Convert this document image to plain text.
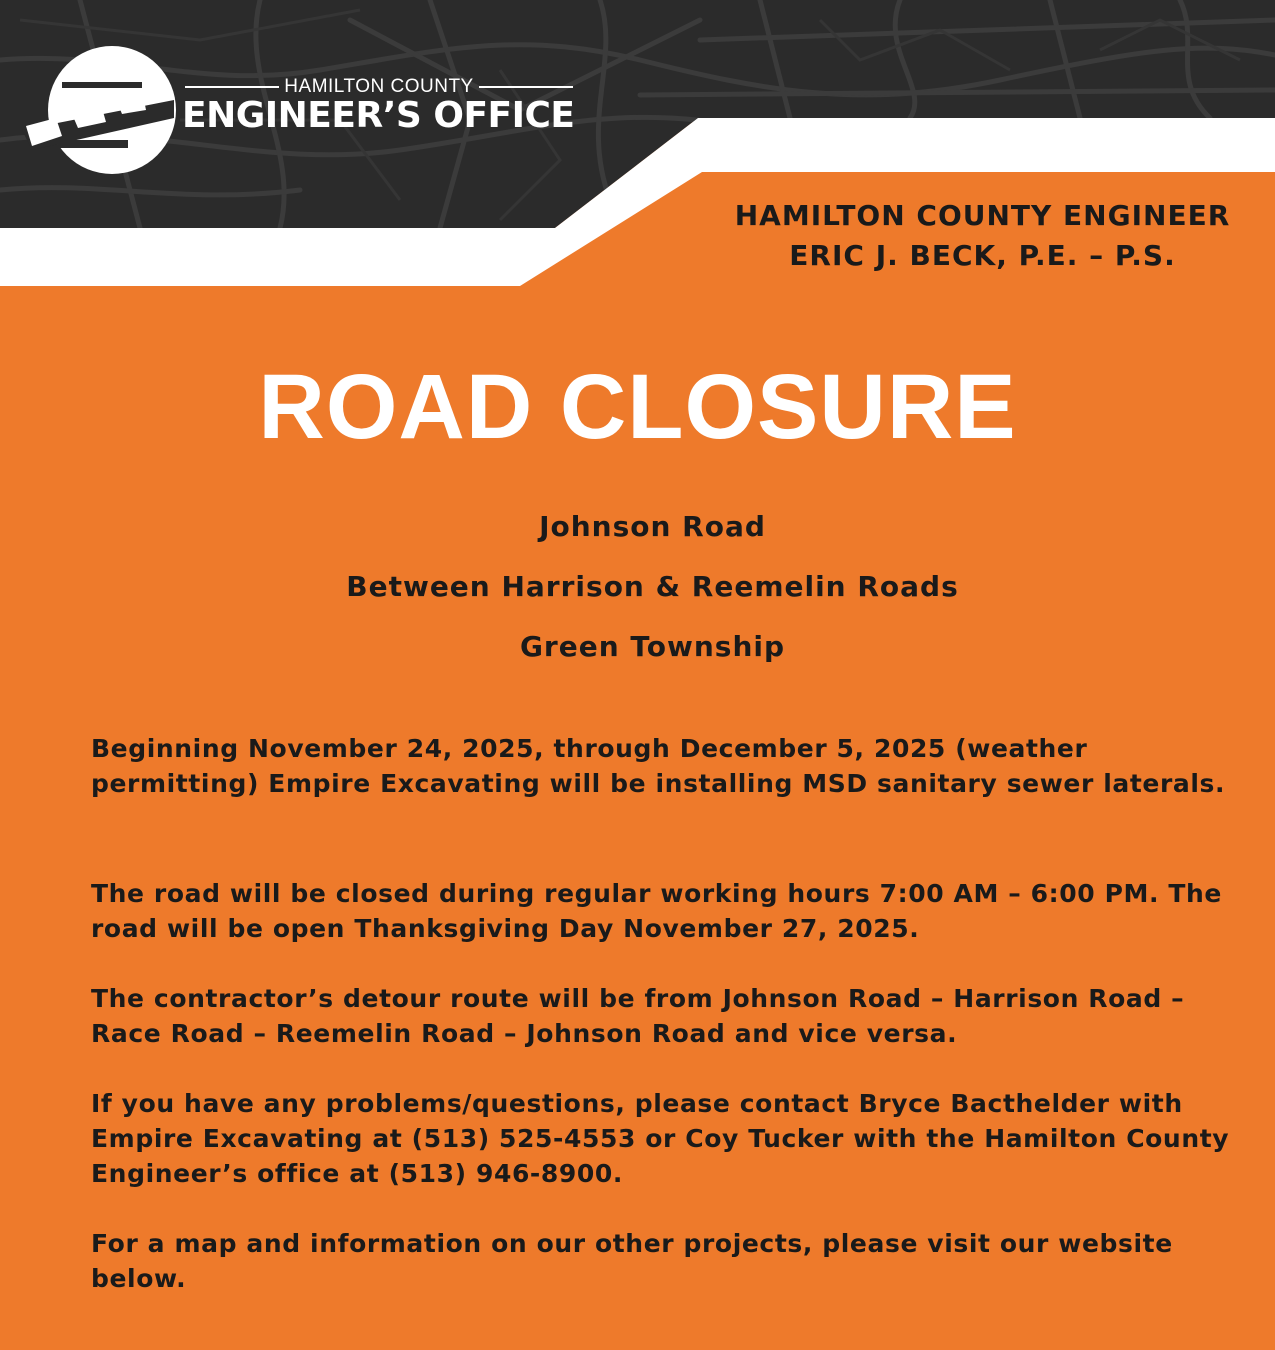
HAMILTON COUNTY
ENGINEER’S OFFICE
HAMILTON COUNTY ENGINEER
ERIC J. BECK, P.E. – P.S.
ROAD CLOSURE
Johnson Road
Between Harrison & Reemelin Roads
Green Township

Beginning November 24, 2025, through December 5, 2025 (weather permitting) Empire Excavating will be installing MSD sanitary sewer laterals.

The road will be closed during regular working hours 7:00 AM – 6:00 PM. The road will be open Thanksgiving Day November 27, 2025.

The contractor’s detour route will be from Johnson Road – Harrison Road – Race Road – Reemelin Road – Johnson Road and vice versa.

If you have any problems/questions, please contact Bryce Bacthelder with Empire Excavating at (513) 525-4553 or Coy Tucker with the Hamilton County Engineer’s office at (513) 946-8900.

For a map and information on our other projects, please visit our website below.
